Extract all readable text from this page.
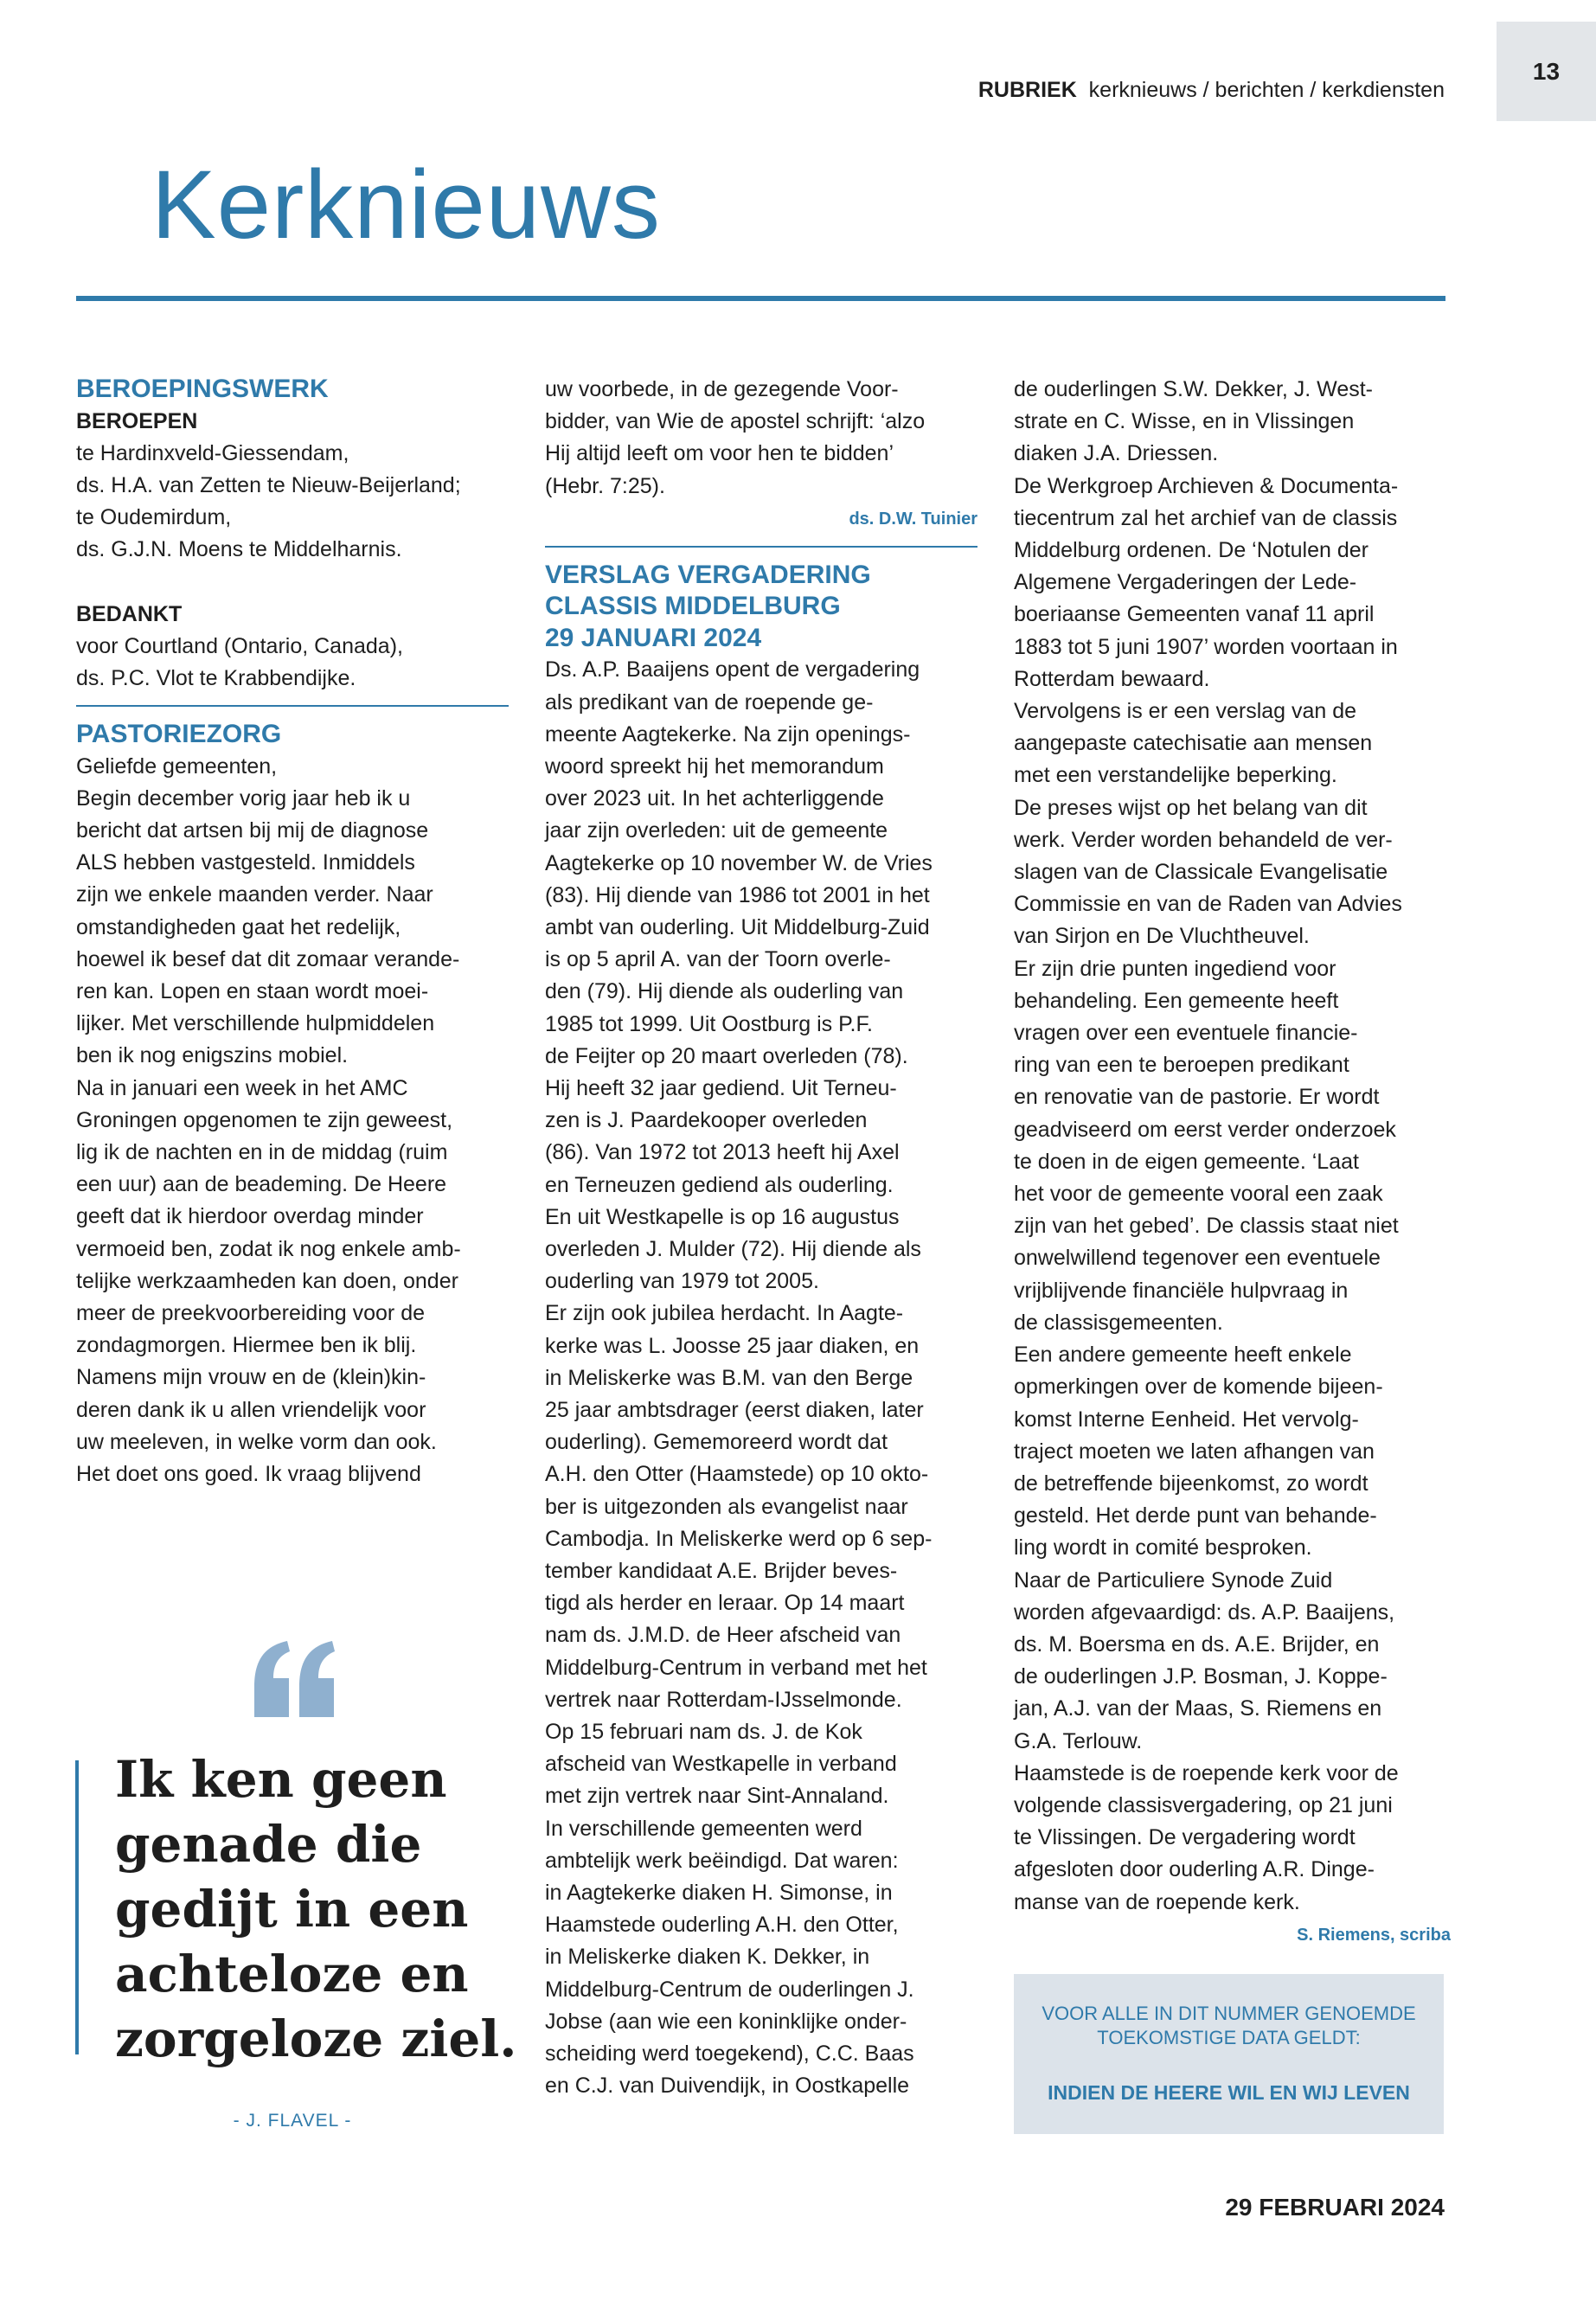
RUBRIEK kerknieuws / berichten / kerkdiensten
13
Kerknieuws
BEROEPINGSWERK
BEROEPEN
te Hardinxveld-Giessendam,
ds. H.A. van Zetten te Nieuw-Beijerland;
te Oudemirdum,
ds. G.J.N. Moens te Middelharnis.
BEDANKT
voor Courtland (Ontario, Canada),
ds. P.C. Vlot te Krabbendijke.
PASTORIEZORG
Geliefde gemeenten,
Begin december vorig jaar heb ik u
bericht dat artsen bij mij de diagnose
ALS hebben vastgesteld. Inmiddels
zijn we enkele maanden verder. Naar
omstandigheden gaat het redelijk,
hoewel ik besef dat dit zomaar verande-
ren kan. Lopen en staan wordt moei-
lijker. Met verschillende hulpmiddelen
ben ik nog enigszins mobiel.
Na in januari een week in het AMC
Groningen opgenomen te zijn geweest,
lig ik de nachten en in de middag (ruim
een uur) aan de beademing. De Heere
geeft dat ik hierdoor overdag minder
vermoeid ben, zodat ik nog enkele amb-
telijke werkzaamheden kan doen, onder
meer de preekvoorbereiding voor de
zondagmorgen. Hiermee ben ik blij.
Namens mijn vrouw en de (klein)kin-
deren dank ik u allen vriendelijk voor
uw meeleven, in welke vorm dan ook.
Het doet ons goed. Ik vraag blijvend
Ik ken geen genade die gedijt in een achteloze en zorgeloze ziel.
- J. FLAVEL -
uw voorbede, in de gezegende Voor-
bidder, van Wie de apostel schrijft: ‘alzo
Hij altijd leeft om voor hen te bidden’
(Hebr. 7:25).
ds. D.W. Tuinier
VERSLAG VERGADERING
CLASSIS MIDDELBURG
29 JANUARI 2024
Ds. A.P. Baaijens opent de vergadering
als predikant van de roepende ge-
meente Aagtekerke. Na zijn openings-
woord spreekt hij het memorandum
over 2023 uit. In het achterliggende
jaar zijn overleden: uit de gemeente
Aagtekerke op 10 november W. de Vries
(83). Hij diende van 1986 tot 2001 in het
ambt van ouderling. Uit Middelburg-Zuid
is op 5 april A. van der Toorn overle-
den (79). Hij diende als ouderling van
1985 tot 1999. Uit Oostburg is P.F.
de Feijter op 20 maart overleden (78).
Hij heeft 32 jaar gediend. Uit Terneu-
zen is J. Paardekooper overleden
(86). Van 1972 tot 2013 heeft hij Axel
en Terneuzen gediend als ouderling.
En uit Westkapelle is op 16 augustus
overleden J. Mulder (72). Hij diende als
ouderling van 1979 tot 2005.
Er zijn ook jubilea herdacht. In Aagte-
kerke was L. Joosse 25 jaar diaken, en
in Meliskerke was B.M. van den Berge
25 jaar ambtsdrager (eerst diaken, later
ouderling). Gememoreerd wordt dat
A.H. den Otter (Haamstede) op 10 okto-
ber is uitgezonden als evangelist naar
Cambodja. In Meliskerke werd op 6 sep-
tember kandidaat A.E. Brijder beves-
tigd als herder en leraar. Op 14 maart
nam ds. J.M.D. de Heer afscheid van
Middelburg-Centrum in verband met het
vertrek naar Rotterdam-IJsselmonde.
Op 15 februari nam ds. J. de Kok
afscheid van Westkapelle in verband
met zijn vertrek naar Sint-Annaland.
In verschillende gemeenten werd
ambtelijk werk beëindigd. Dat waren:
in Aagtekerke diaken H. Simonse, in
Haamstede ouderling A.H. den Otter,
in Meliskerke diaken K. Dekker, in
Middelburg-Centrum de ouderlingen J.
Jobse (aan wie een koninklijke onder-
scheiding werd toegekend), C.C. Baas
en C.J. van Duivendijk, in Oostkapelle
de ouderlingen S.W. Dekker, J. West-
strate en C. Wisse, en in Vlissingen
diaken J.A. Driessen.
De Werkgroep Archieven & Documenta-
tiecentrum zal het archief van de classis
Middelburg ordenen. De ‘Notulen der
Algemene Vergaderingen der Lede-
boeriaanse Gemeenten vanaf 11 april
1883 tot 5 juni 1907’ worden voortaan in
Rotterdam bewaard.
Vervolgens is er een verslag van de
aangepaste catechisatie aan mensen
met een verstandelijke beperking.
De preses wijst op het belang van dit
werk. Verder worden behandeld de ver-
slagen van de Classicale Evangelisatie
Commissie en van de Raden van Advies
van Sirjon en De Vluchtheuvel.
Er zijn drie punten ingediend voor
behandeling. Een gemeente heeft
vragen over een eventuele financie-
ring van een te beroepen predikant
en renovatie van de pastorie. Er wordt
geadviseerd om eerst verder onderzoek
te doen in de eigen gemeente. ‘Laat
het voor de gemeente vooral een zaak
zijn van het gebed’. De classis staat niet
onwelwillend tegenover een eventuele
vrijblijvende financiële hulpvraag in
de classisgemeenten.
Een andere gemeente heeft enkele
opmerkingen over de komende bijeen-
komst Interne Eenheid. Het vervolg-
traject moeten we laten afhangen van
de betreffende bijeenkomst, zo wordt
gesteld. Het derde punt van behande-
ling wordt in comité besproken.
Naar de Particuliere Synode Zuid
worden afgevaardigd: ds. A.P. Baaijens,
ds. M. Boersma en ds. A.E. Brijder, en
de ouderlingen J.P. Bosman, J. Koppe-
jan, A.J. van der Maas, S. Riemens en
G.A. Terlouw.
Haamstede is de roepende kerk voor de
volgende classisvergadering, op 21 juni
te Vlissingen. De vergadering wordt
afgesloten door ouderling A.R. Dinge-
manse van de roepende kerk.
S. Riemens, scriba
VOOR ALLE IN DIT NUMMER GENOEMDE
TOEKOMSTIGE DATA GELDT:
INDIEN DE HEERE WIL EN WIJ LEVEN
29 FEBRUARI 2024
